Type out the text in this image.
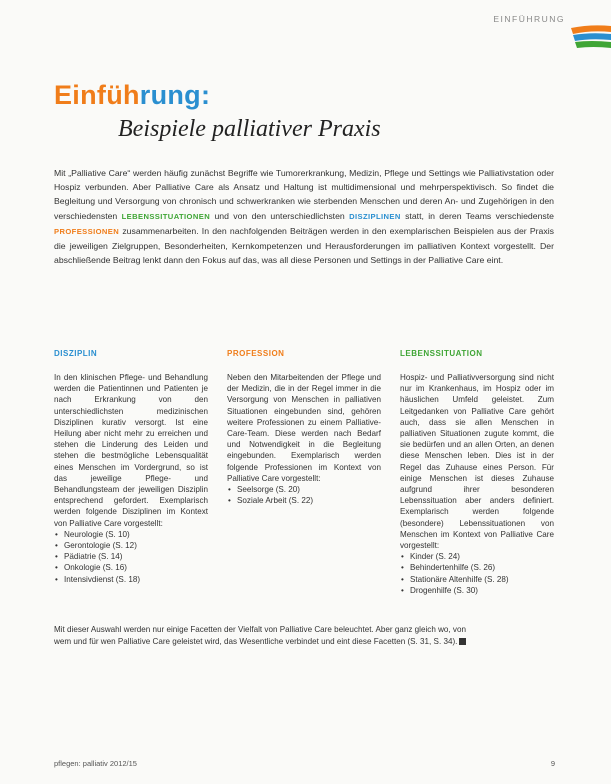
EINFÜHRUNG
Einführung:
Beispiele palliativer Praxis

Mit „Palliative Care“ werden häufig zunächst Begriffe wie Tumorerkrankung, Medizin, Pflege und Settings wie Palliativstation oder Hospiz verbunden. Aber Palliative Care als Ansatz und Haltung ist multidimensional und mehrperspektivisch. So findet die Begleitung und Versorgung von chronisch und schwerkranken wie sterbenden Menschen und deren An- und Zugehörigen in den verschiedensten LEBENSSITUATIONEN und von den unterschiedlichsten DISZIPLINEN statt, in deren Teams verschiedenste PROFESSIONEN zusammenarbeiten. In den nachfolgenden Beiträgen werden in den exemplarischen Beispielen aus der Praxis die jeweiligen Zielgruppen, Besonderheiten, Kernkompetenzen und Herausforderungen im palliativen Kontext vorgestellt. Der abschließende Beitrag lenkt dann den Fokus auf das, was all diese Personen und Settings in der Palliative Care eint.

DISZIPLIN	PROFESSION	LEBENSSITUATION

In den klinischen Pflege- und Behandlung werden die Patientinnen und Patienten je nach Erkrankung von den unterschiedlichsten medizinischen Disziplinen kurativ versorgt. Ist eine Heilung aber nicht mehr zu erreichen und stehen die Linderung des Leiden und stehen die bestmögliche Lebensqualität eines Menschen im Vordergrund, so ist das jeweilige Pflege- und Behandlungsteam der jeweiligen Disziplin entsprechend gefordert. Exemplarisch werden folgende Disziplinen im Kontext von Palliative Care vorgestellt:

• Neurologie (S. 10)
• Gerontologie (S. 12)
• Pädiatrie (S. 14)
• Onkologie (S. 16)
• Intensivdienst (S. 18)

Neben den Mitarbeitenden der Pflege und der Medizin, die in der Regel immer in die Versorgung von Menschen in palliativen Situationen eingebunden sind, gehören weitere Professionen zu einem Palliative-Care-Team. Diese werden nach Bedarf und Notwendigkeit in die Begleitung eingebunden. Exemplarisch werden folgende Professionen im Kontext von Palliative Care vorgestellt:

• Seelsorge (S. 20)
• Soziale Arbeit (S. 22)

Hospiz- und Palliativversorgung sind nicht nur im Krankenhaus, im Hospiz oder im häuslichen Umfeld geleistet. Zum Leitgedanken von Palliative Care gehört auch, dass sie allen Menschen in palliativen Situationen zugute kommt, die sie bedürfen und an allen Orten, an denen diese Menschen leben. Dies ist in der Regel das Zuhause eines Person. Für einige Menschen ist dieses Zuhause aufgrund ihrer besonderen Lebenssituation aber anders definiert. Exemplarisch werden folgende (besondere) Lebenssituationen von Menschen im Kontext von Palliative Care vorgestellt:

• Kinder (S. 24)
• Behindertenhilfe (S. 26)
• Stationäre Altenhilfe (S. 28)
• Drogenhilfe (S. 30)

Mit dieser Auswahl werden nur einige Facetten der Vielfalt von Palliative Care beleuchtet. Aber ganz gleich wo, von wem und für wen Palliative Care geleistet wird, das Wesentliche verbindet und eint diese Facetten (S. 31, S. 34).

pflegen: palliativ 2012/15	9
